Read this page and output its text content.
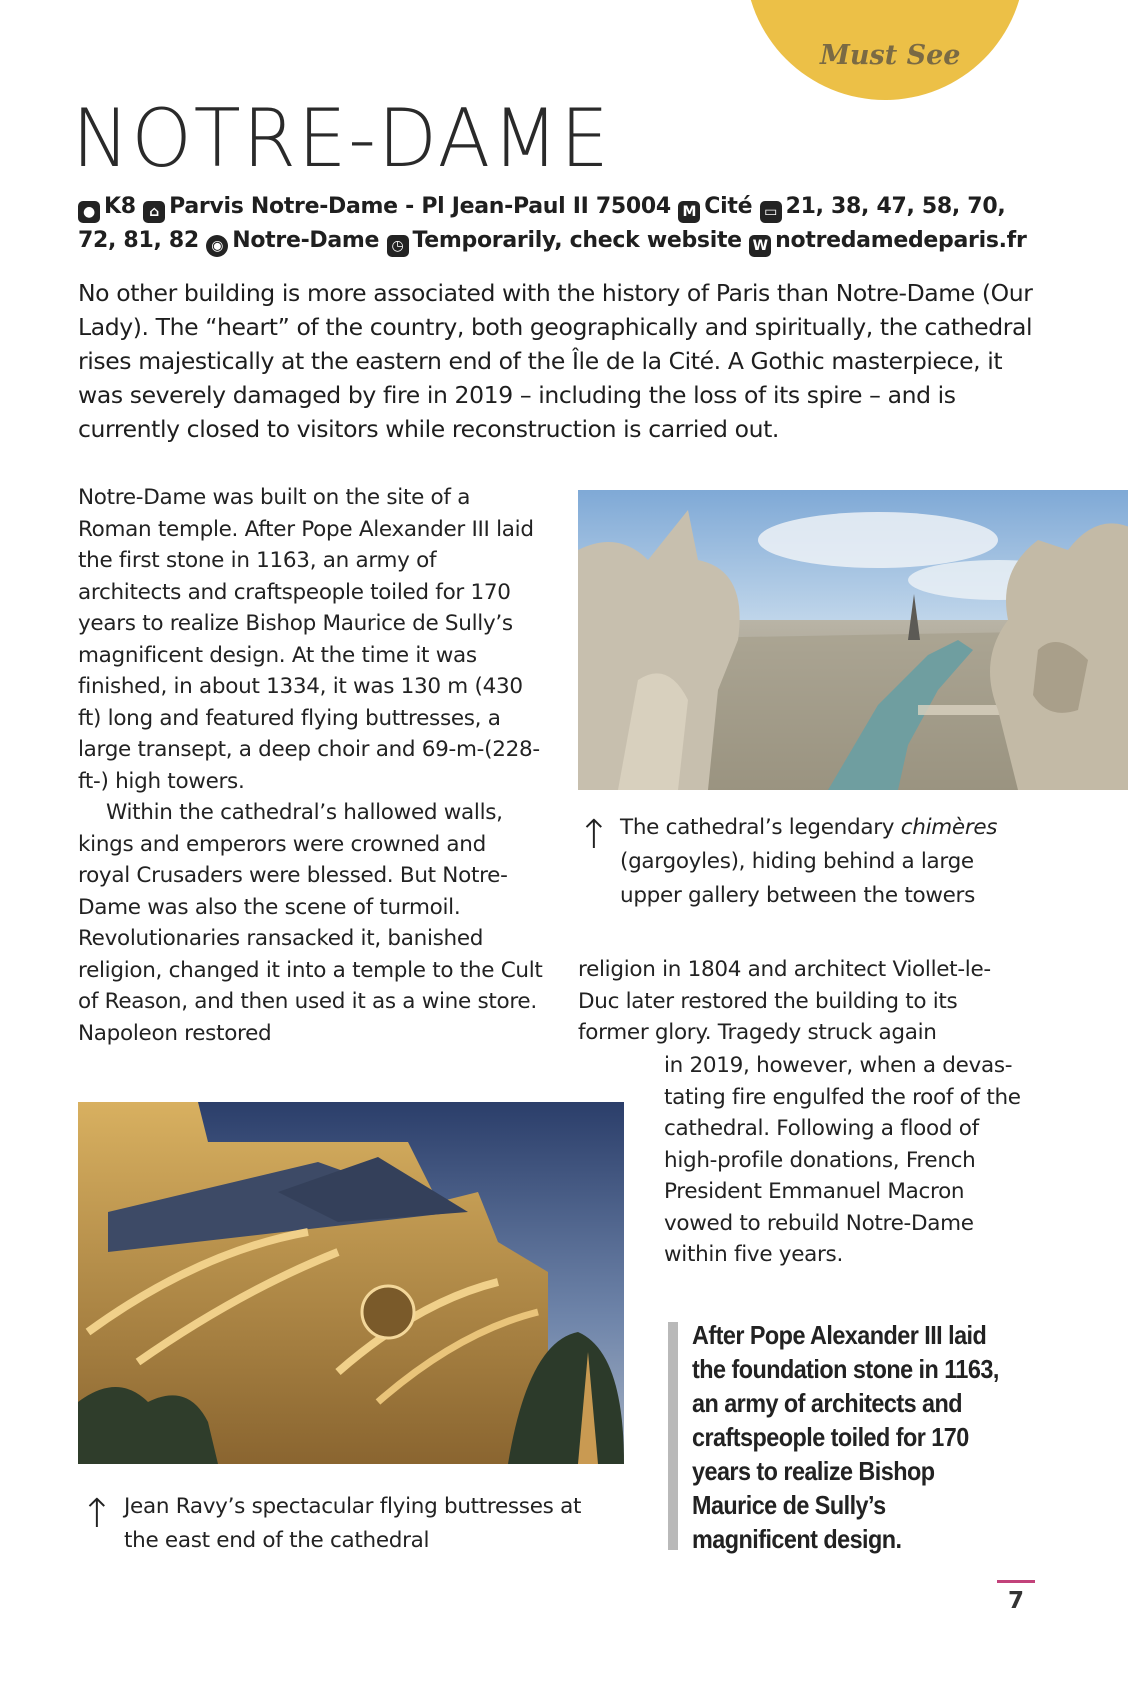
Must See
NOTRE-DAME
● K8 ⌂ Parvis Notre-Dame - Pl Jean-Paul II 75004 M Cité ▭ 21, 38, 47, 58, 70, 72, 81, 82 ◉ Notre-Dame ◷ Temporarily, check website W notredamedeparis.fr

No other building is more associated with the history of Paris than Notre-Dame (Our Lady). The “heart” of the country, both geographically and spiritually, the cathedral rises majestically at the eastern end of the Île de la Cité. A Gothic masterpiece, it was severely damaged by fire in 2019 – including the loss of its spire – and is currently closed to visitors while reconstruction is carried out.

Notre-Dame was built on the site of a Roman temple. After Pope Alexander III laid the first stone in 1163, an army of architects and craftspeople toiled for 170 years to realize Bishop Maurice de Sully’s magnificent design. At the time it was finished, in about 1334, it was 130 m (430 ft) long and featured flying buttresses, a large transept, a deep choir and 69-m-(228-ft-) high towers.

Within the cathedral’s hallowed walls, kings and emperors were crowned and royal Crusaders were blessed. But Notre-Dame was also the scene of turmoil. Revolutionaries ransacked it, banished religion, changed it into a temple to the Cult of Reason, and then used it as a wine store. Napoleon restored

↑ The cathedral’s legendary chimères (gargoyles), hiding behind a large upper gallery between the towers

religion in 1804 and architect Viollet-le-Duc later restored the building to its former glory. Tragedy struck again

in 2019, however, when a devas-tating fire engulfed the roof of the cathedral. Following a flood of high-profile donations, French President Emmanuel Macron vowed to rebuild Notre-Dame within five years.

↑ Jean Ravy’s spectacular flying buttresses at the east end of the cathedral

After Pope Alexander III laid the foundation stone in 1163, an army of architects and craftspeople toiled for 170 years to realize Bishop Maurice de Sully’s magnificent design.

7
